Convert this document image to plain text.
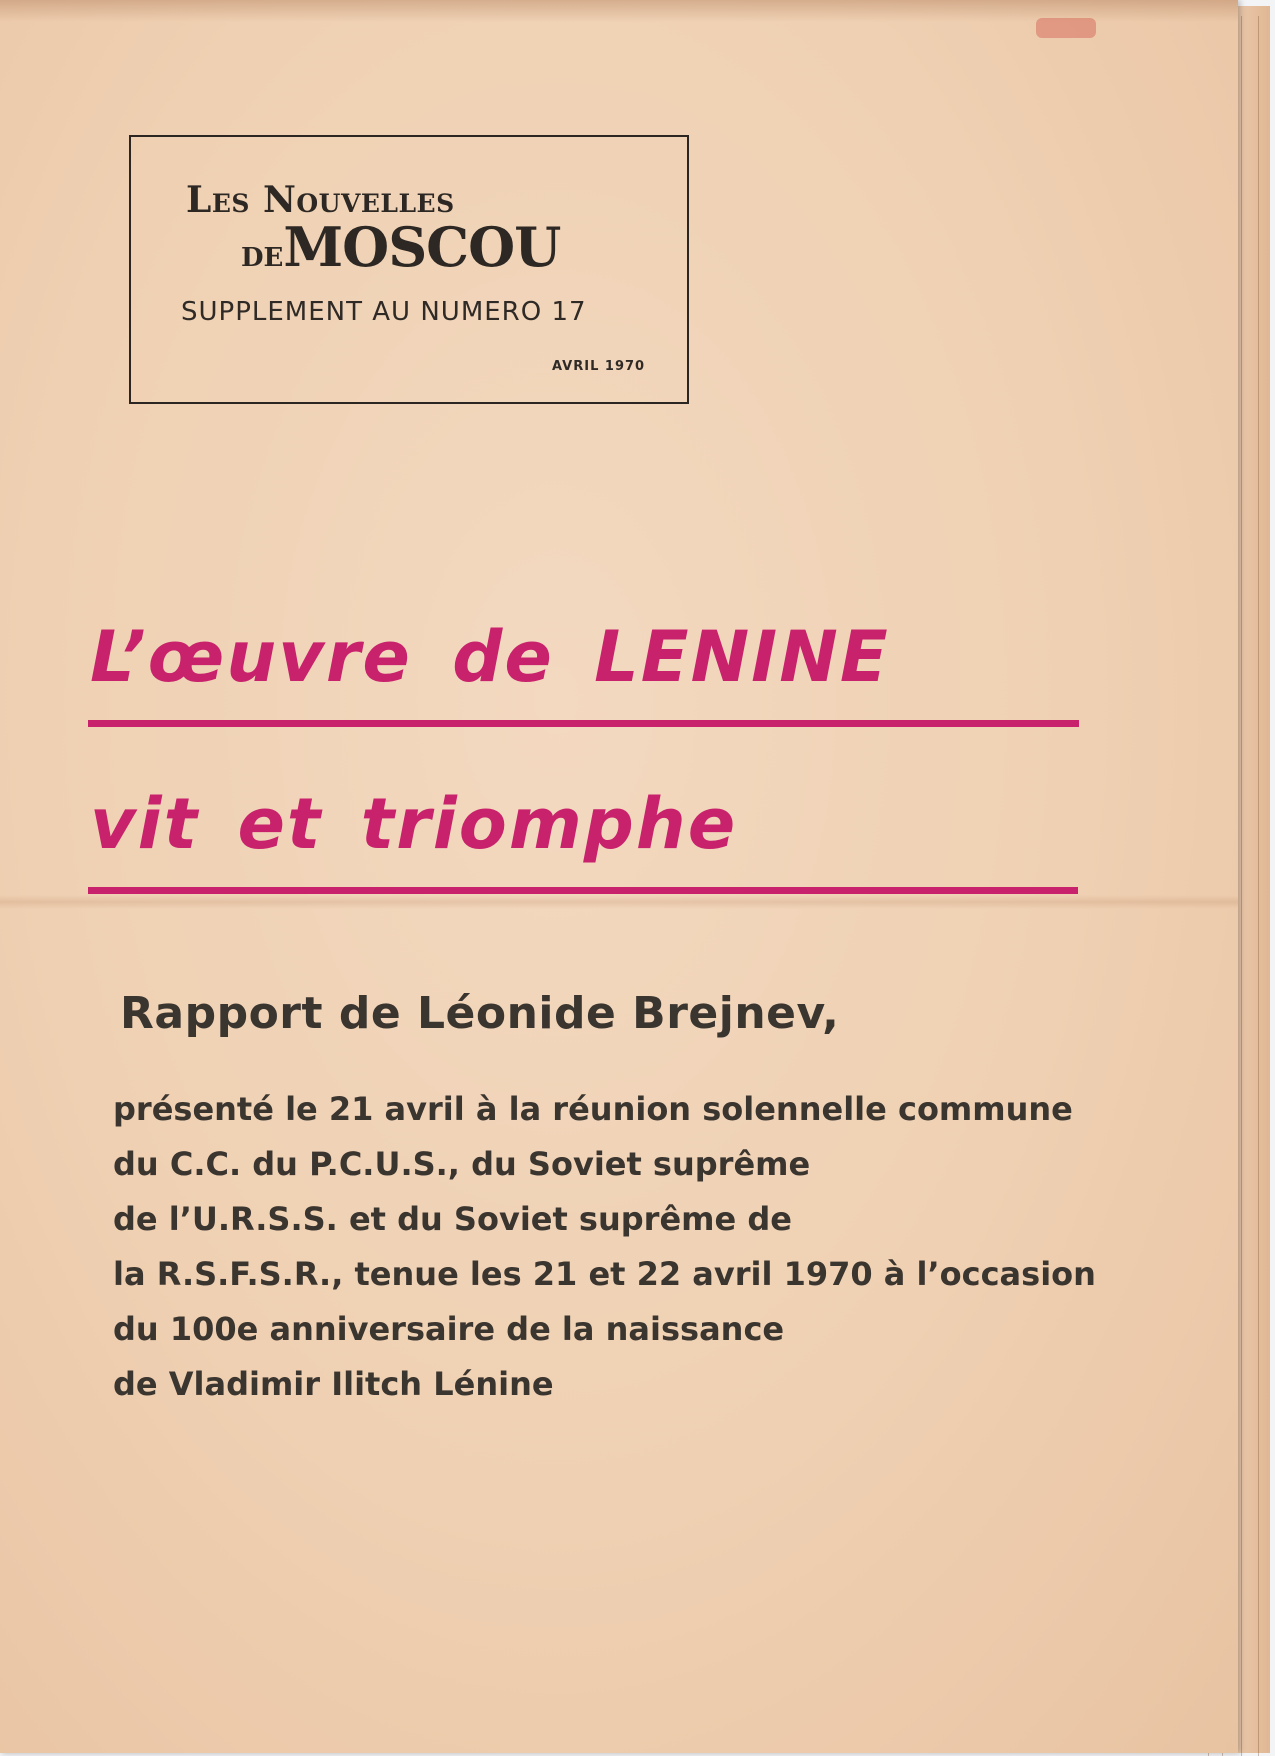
Les Nouvelles
DEMOSCOU
SUPPLEMENT AU NUMERO 17
AVRIL 1970
L’œuvre de LENINE
vit et triomphe
Rapport de Léonide Brejnev,
présenté le 21 avril à la réunion solennelle commune
du C.C. du P.C.U.S., du Soviet suprême
de l’U.R.S.S. et du Soviet suprême de
la R.S.F.S.R., tenue les 21 et 22 avril 1970 à l’occasion
du 100e anniversaire de la naissance
de Vladimir Ilitch Lénine
